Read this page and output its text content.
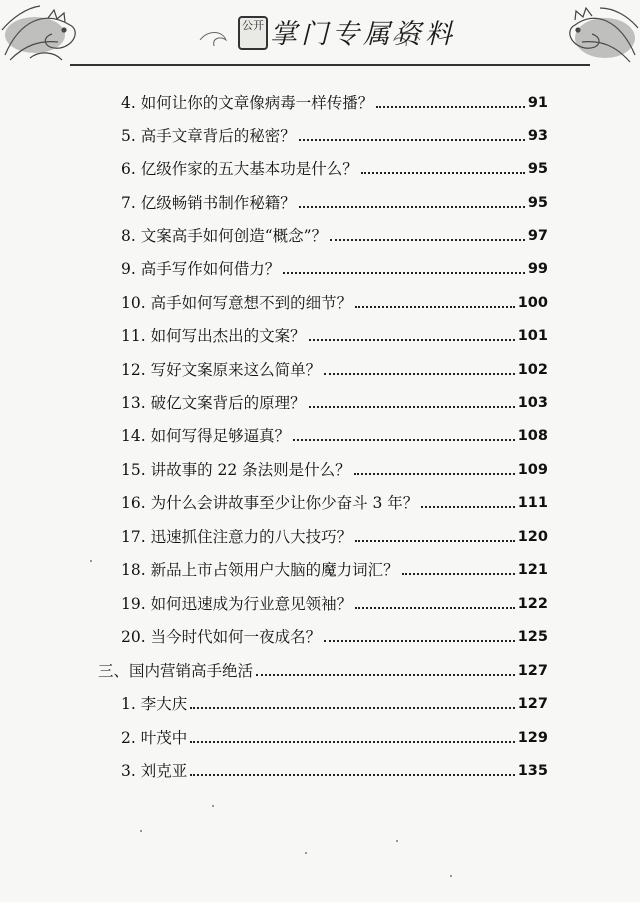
公开 掌门专属资料
4. 如何让你的文章像病毒一样传播？	91
5. 高手文章背后的秘密？	93
6. 亿级作家的五大基本功是什么？	95
7. 亿级畅销书制作秘籍？	95
8. 文案高手如何创造“概念”？	97
9. 高手写作如何借力？	99
10. 高手如何写意想不到的细节？	100
11. 如何写出杰出的文案？	101
12. 写好文案原来这么简单？	102
13. 破亿文案背后的原理？	103
14. 如何写得足够逼真？	108
15. 讲故事的 22 条法则是什么？	109
16. 为什么会讲故事至少让你少奋斗 3 年？	111
17. 迅速抓住注意力的八大技巧？	120
18. 新品上市占领用户大脑的魔力词汇？	121
19. 如何迅速成为行业意见领袖？	122
20. 当今时代如何一夜成名？	125
三、国内营销高手绝活	127
1. 李大庆	127
2. 叶茂中	129
3. 刘克亚	135
